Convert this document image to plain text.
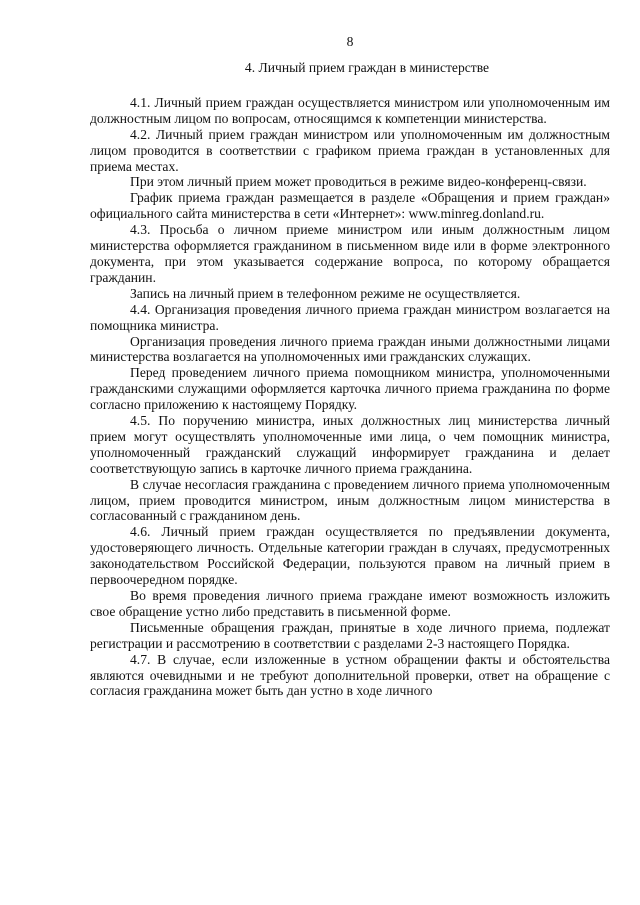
8
4. Личный прием граждан в министерстве

4.1. Личный прием граждан осуществляется министром или уполномоченным им должностным лицом по вопросам, относящимся к компетенции министерства.

4.2. Личный прием граждан министром или уполномоченным им должностным лицом проводится в соответствии с графиком приема граждан в установленных для приема местах.

При этом личный прием может проводиться в режиме видео-конференц-связи.

График приема граждан размещается в разделе «Обращения и прием граждан» официального сайта министерства в сети «Интернет»: www.minreg.donland.ru.

4.3. Просьба о личном приеме министром или иным должностным лицом министерства оформляется гражданином в письменном виде или в форме электронного документа, при этом указывается содержание вопроса, по которому обращается гражданин.

Запись на личный прием в телефонном режиме не осуществляется.

4.4. Организация проведения личного приема граждан министром возлагается на помощника министра.

Организация проведения личного приема граждан иными должностными лицами министерства возлагается на уполномоченных ими гражданских служащих.

Перед проведением личного приема помощником министра, уполномоченными гражданскими служащими оформляется карточка личного приема гражданина по форме согласно приложению к настоящему Порядку.

4.5. По поручению министра, иных должностных лиц министерства личный прием могут осуществлять уполномоченные ими лица, о чем помощник министра, уполномоченный гражданский служащий информирует гражданина и делает соответствующую запись в карточке личного приема гражданина.

В случае несогласия гражданина с проведением личного приема уполномоченным лицом, прием проводится министром, иным должностным лицом министерства в согласованный с гражданином день.

4.6. Личный прием граждан осуществляется по предъявлении документа, удостоверяющего личность. Отдельные категории граждан в случаях, предусмотренных законодательством Российской Федерации, пользуются правом на личный прием в первоочередном порядке.

Во время проведения личного приема граждане имеют возможность изложить свое обращение устно либо представить в письменной форме.

Письменные обращения граждан, принятые в ходе личного приема, подлежат регистрации и рассмотрению в соответствии с разделами 2-3 настоящего Порядка.

4.7. В случае, если изложенные в устном обращении факты и обстоятельства являются очевидными и не требуют дополнительной проверки, ответ на обращение с согласия гражданина может быть дан устно в ходе личного
